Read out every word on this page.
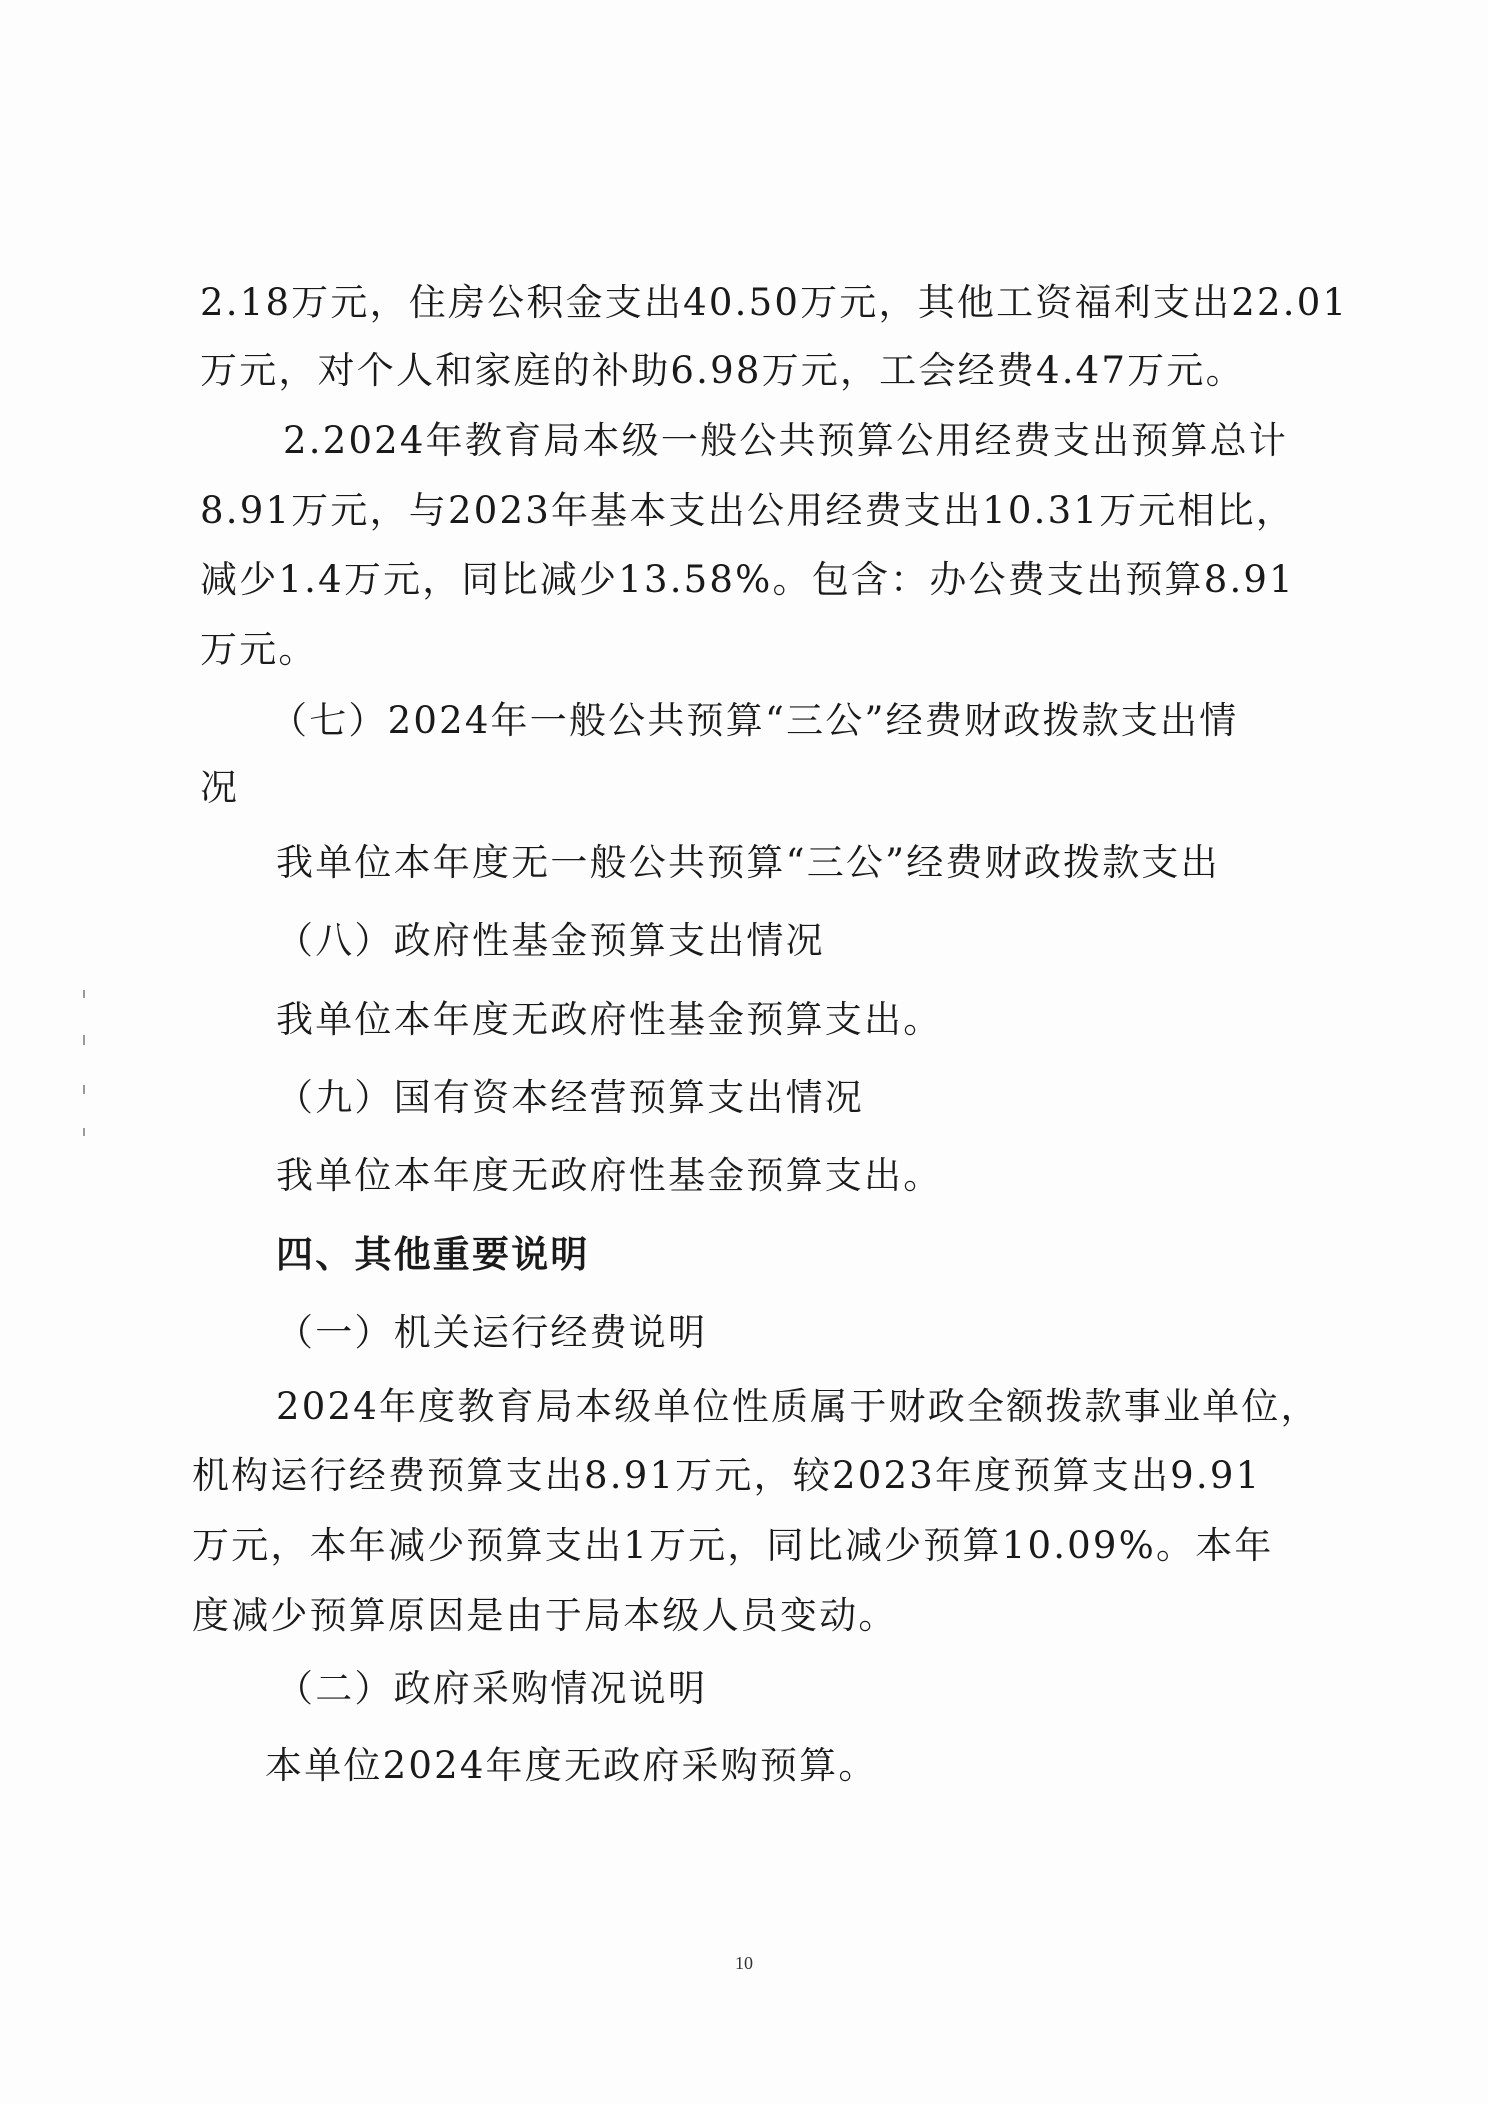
2.18万元，住房公积金支出40.50万元，其他工资福利支出22.01
万元，对个人和家庭的补助6.98万元，工会经费4.47万元。
2.2024年教育局本级一般公共预算公用经费支出预算总计
8.91万元，与2023年基本支出公用经费支出10.31万元相比，
减少1.4万元，同比减少13.58%。包含：办公费支出预算8.91
万元。
（七）2024年一般公共预算“三公”经费财政拨款支出情
况
我单位本年度无一般公共预算“三公”经费财政拨款支出
（八）政府性基金预算支出情况
我单位本年度无政府性基金预算支出。
（九）国有资本经营预算支出情况
我单位本年度无政府性基金预算支出。
四、其他重要说明
（一）机关运行经费说明
2024年度教育局本级单位性质属于财政全额拨款事业单位，
机构运行经费预算支出8.91万元，较2023年度预算支出9.91
万元，本年减少预算支出1万元，同比减少预算10.09%。本年
度减少预算原因是由于局本级人员变动。
（二）政府采购情况说明
本单位2024年度无政府采购预算。
10
